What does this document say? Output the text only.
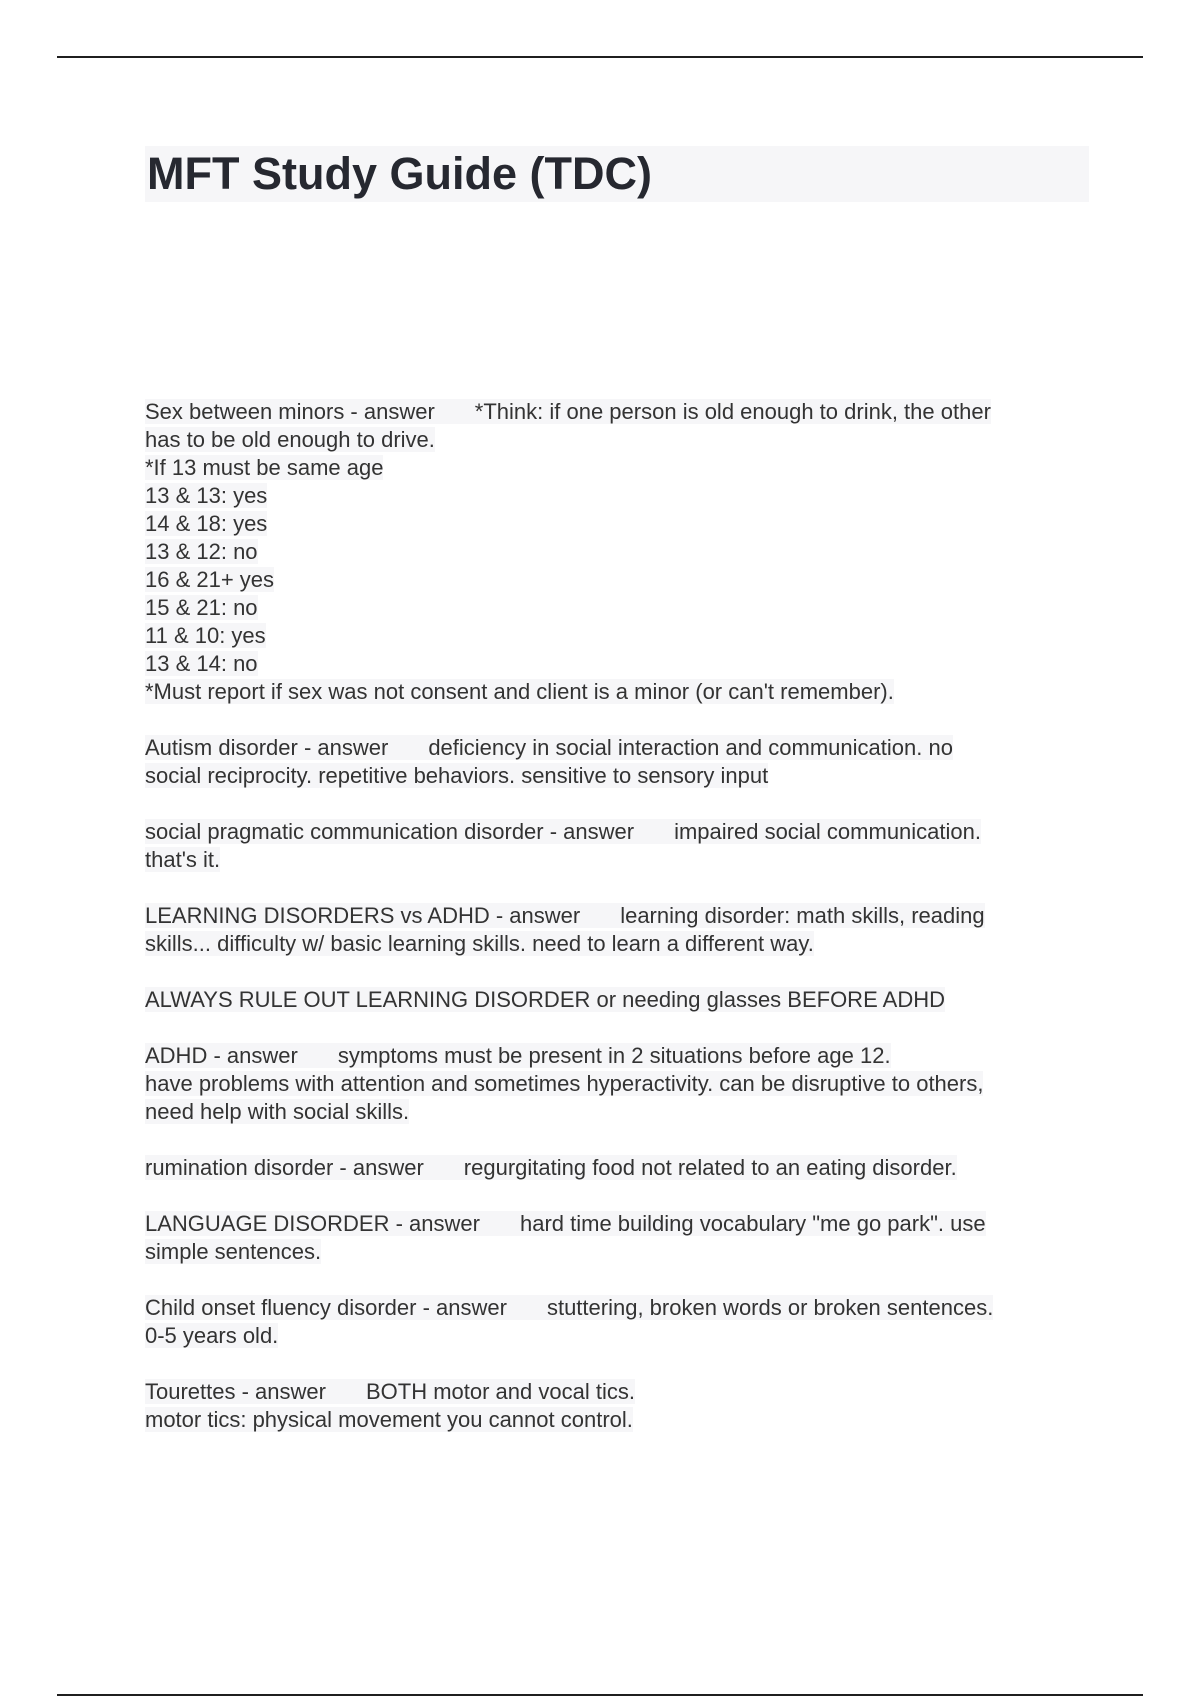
MFT Study Guide (TDC)
Sex between minors - answer *Think: if one person is old enough to drink, the other
has to be old enough to drive.
*If 13 must be same age
13 & 13: yes
14 & 18: yes
13 & 12: no
16 & 21+ yes
15 & 21: no
11 & 10: yes
13 & 14: no
*Must report if sex was not consent and client is a minor (or can't remember).
Autism disorder - answer deficiency in social interaction and communication. no
social reciprocity. repetitive behaviors. sensitive to sensory input
social pragmatic communication disorder - answer impaired social communication.
that's it.
LEARNING DISORDERS vs ADHD - answer learning disorder: math skills, reading
skills... difficulty w/ basic learning skills. need to learn a different way.
ALWAYS RULE OUT LEARNING DISORDER or needing glasses BEFORE ADHD
ADHD - answer symptoms must be present in 2 situations before age 12.
have problems with attention and sometimes hyperactivity. can be disruptive to others,
need help with social skills.
rumination disorder - answer regurgitating food not related to an eating disorder.
LANGUAGE DISORDER - answer hard time building vocabulary "me go park". use
simple sentences.
Child onset fluency disorder - answer stuttering, broken words or broken sentences.
0-5 years old.
Tourettes - answer BOTH motor and vocal tics.
motor tics: physical movement you cannot control.
